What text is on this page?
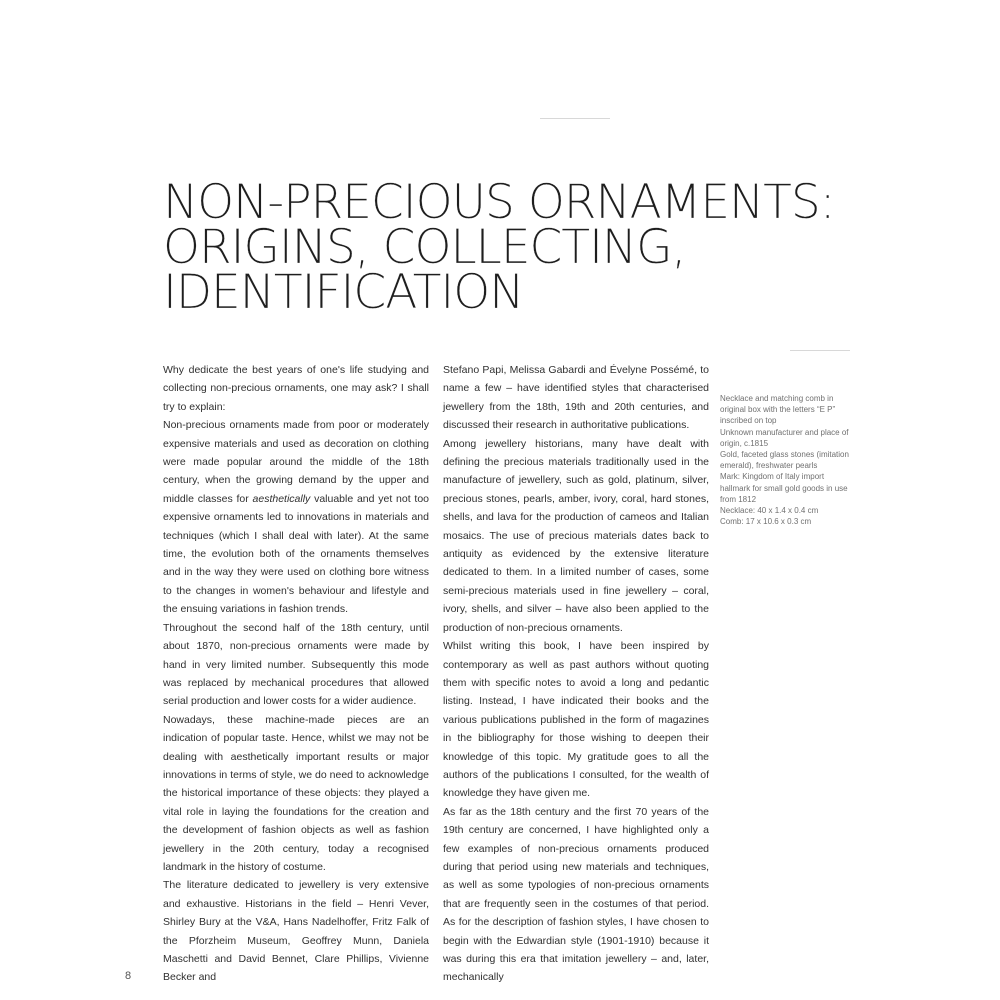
NON-PRECIOUS ORNAMENTS:
ORIGINS, COLLECTING,
IDENTIFICATION

Why dedicate the best years of one's life studying and collecting non-precious ornaments, one may ask? I shall try to explain:

Non-precious ornaments made from poor or moderately expensive materials and used as decoration on clothing were made popular around the middle of the 18th century, when the growing demand by the upper and middle classes for aesthetically valuable and yet not too expensive ornaments led to innovations in materials and techniques (which I shall deal with later). At the same time, the evolution both of the ornaments themselves and in the way they were used on clothing bore witness to the changes in women's behaviour and lifestyle and the ensuing variations in fashion trends.

Throughout the second half of the 18th century, until about 1870, non-precious ornaments were made by hand in very limited number. Subsequently this mode was replaced by mechanical procedures that allowed serial production and lower costs for a wider audience.

Nowadays, these machine-made pieces are an indication of popular taste. Hence, whilst we may not be dealing with aesthetically important results or major innovations in terms of style, we do need to acknowledge the historical importance of these objects: they played a vital role in laying the foundations for the creation and the development of fashion objects as well as fashion jewellery in the 20th century, today a recognised landmark in the history of costume.

The literature dedicated to jewellery is very extensive and exhaustive. Historians in the field – Henri Vever, Shirley Bury at the V&A, Hans Nadelhoffer, Fritz Falk of the Pforzheim Museum, Geoffrey Munn, Daniela Maschetti and David Bennet, Clare Phillips, Vivienne Becker and

Stefano Papi, Melissa Gabardi and Évelyne Possémé, to name a few – have identified styles that characterised jewellery from the 18th, 19th and 20th centuries, and discussed their research in authoritative publications.

Among jewellery historians, many have dealt with defining the precious materials traditionally used in the manufacture of jewellery, such as gold, platinum, silver, precious stones, pearls, amber, ivory, coral, hard stones, shells, and lava for the production of cameos and Italian mosaics. The use of precious materials dates back to antiquity as evidenced by the extensive literature dedicated to them. In a limited number of cases, some semi-precious materials used in fine jewellery – coral, ivory, shells, and silver – have also been applied to the production of non-precious ornaments.

Whilst writing this book, I have been inspired by contemporary as well as past authors without quoting them with specific notes to avoid a long and pedantic listing. Instead, I have indicated their books and the various publications published in the form of magazines in the bibliography for those wishing to deepen their knowledge of this topic. My gratitude goes to all the authors of the publications I consulted, for the wealth of knowledge they have given me.

As far as the 18th century and the first 70 years of the 19th century are concerned, I have highlighted only a few examples of non-precious ornaments produced during that period using new materials and techniques, as well as some typologies of non-precious ornaments that are frequently seen in the costumes of that period. As for the description of fashion styles, I have chosen to begin with the Edwardian style (1901-1910) because it was during this era that imitation jewellery – and, later, mechanically

Necklace and matching comb in original box with the letters “E P” inscribed on top
Unknown manufacturer and place of origin, c.1815
Gold, faceted glass stones (imitation emerald), freshwater pearls
Mark: Kingdom of Italy import hallmark for small gold goods in use from 1812
Necklace: 40 x 1.4 x 0.4 cm
Comb: 17 x 10.6 x 0.3 cm
8
